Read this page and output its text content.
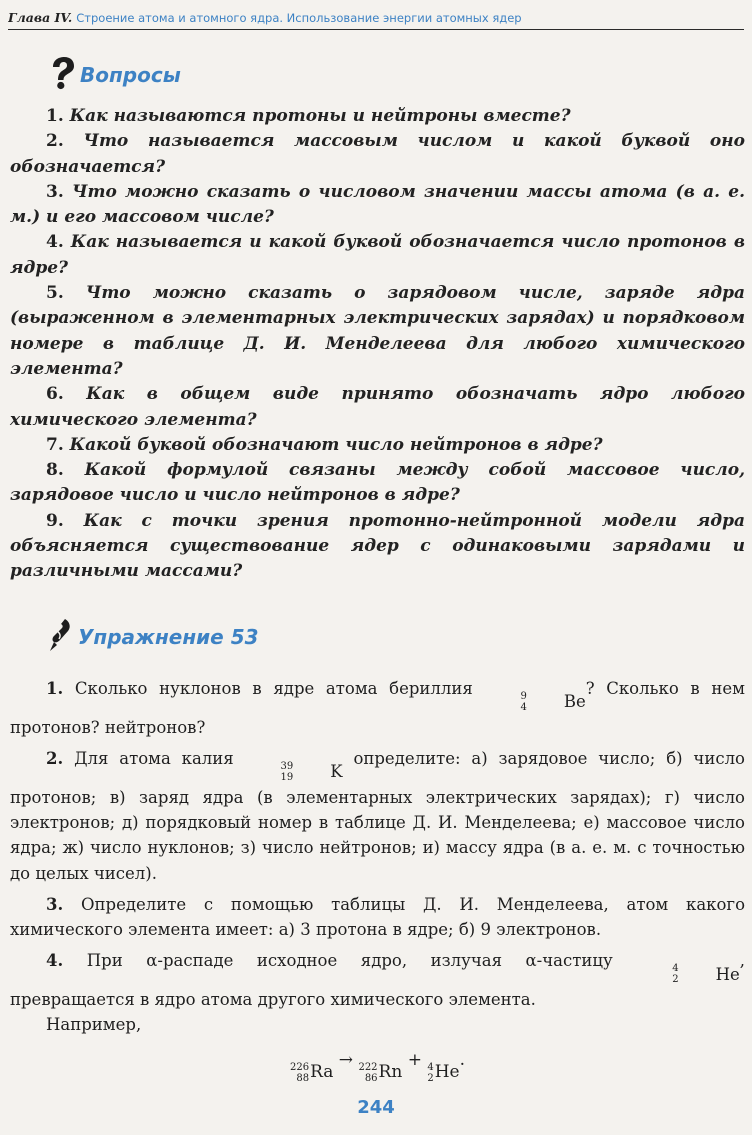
Глава IV. Строение атома и атомного ядра. Использование энергии атомных ядер
Вопросы

1. Как называются протоны и нейтроны вместе?

2. Что называется массовым числом и какой буквой оно обозначается?

3. Что можно сказать о числовом значении массы атома (в а. е. м.) и его массовом числе?

4. Как называется и какой буквой обозначается число протонов в ядре?

5. Что можно сказать о зарядовом числе, заряде ядра (выраженном в элементарных электрических зарядах) и порядковом номере в таблице Д. И. Менделеева для любого химического элемента?

6. Как в общем виде принято обозначать ядро любого химического элемента?

7. Какой буквой обозначают число нейтронов в ядре?

8. Какой формулой связаны между собой массовое число, зарядовое число и число нейтронов в ядре?

9. Как с точки зрения протонно-нейтронной модели ядра объясняется существование ядер с одинаковыми зарядами и различными массами?

Упражнение 53

1. Сколько нуклонов в ядре атома бериллия	9
4	Be
? Сколько в нем протонов? нейтронов?

2. Для атома калия	39
19	K
определите: а) зарядовое число; б) число протонов; в) заряд ядра (в элементарных электрических зарядах); г) число электронов; д) порядковый номер в таблице Д. И. Менделеева; е) массовое число ядра; ж) число нуклонов; з) число нейтронов; и) массу ядра (в а. е. м. с точностью до целых чисел).

3. Определите с помощью таблицы Д. И. Менделеева, атом какого химического элемента имеет: а) 3 протона в ядре; б) 9 электронов.

4. При α-распаде исходное ядро, излучая α-частицу	4
2	He
, превращается в ядро атома другого химического элемента.

Например,

226
88 Ra
→ 222
86 Rn
+ 4
2 He
.
244
